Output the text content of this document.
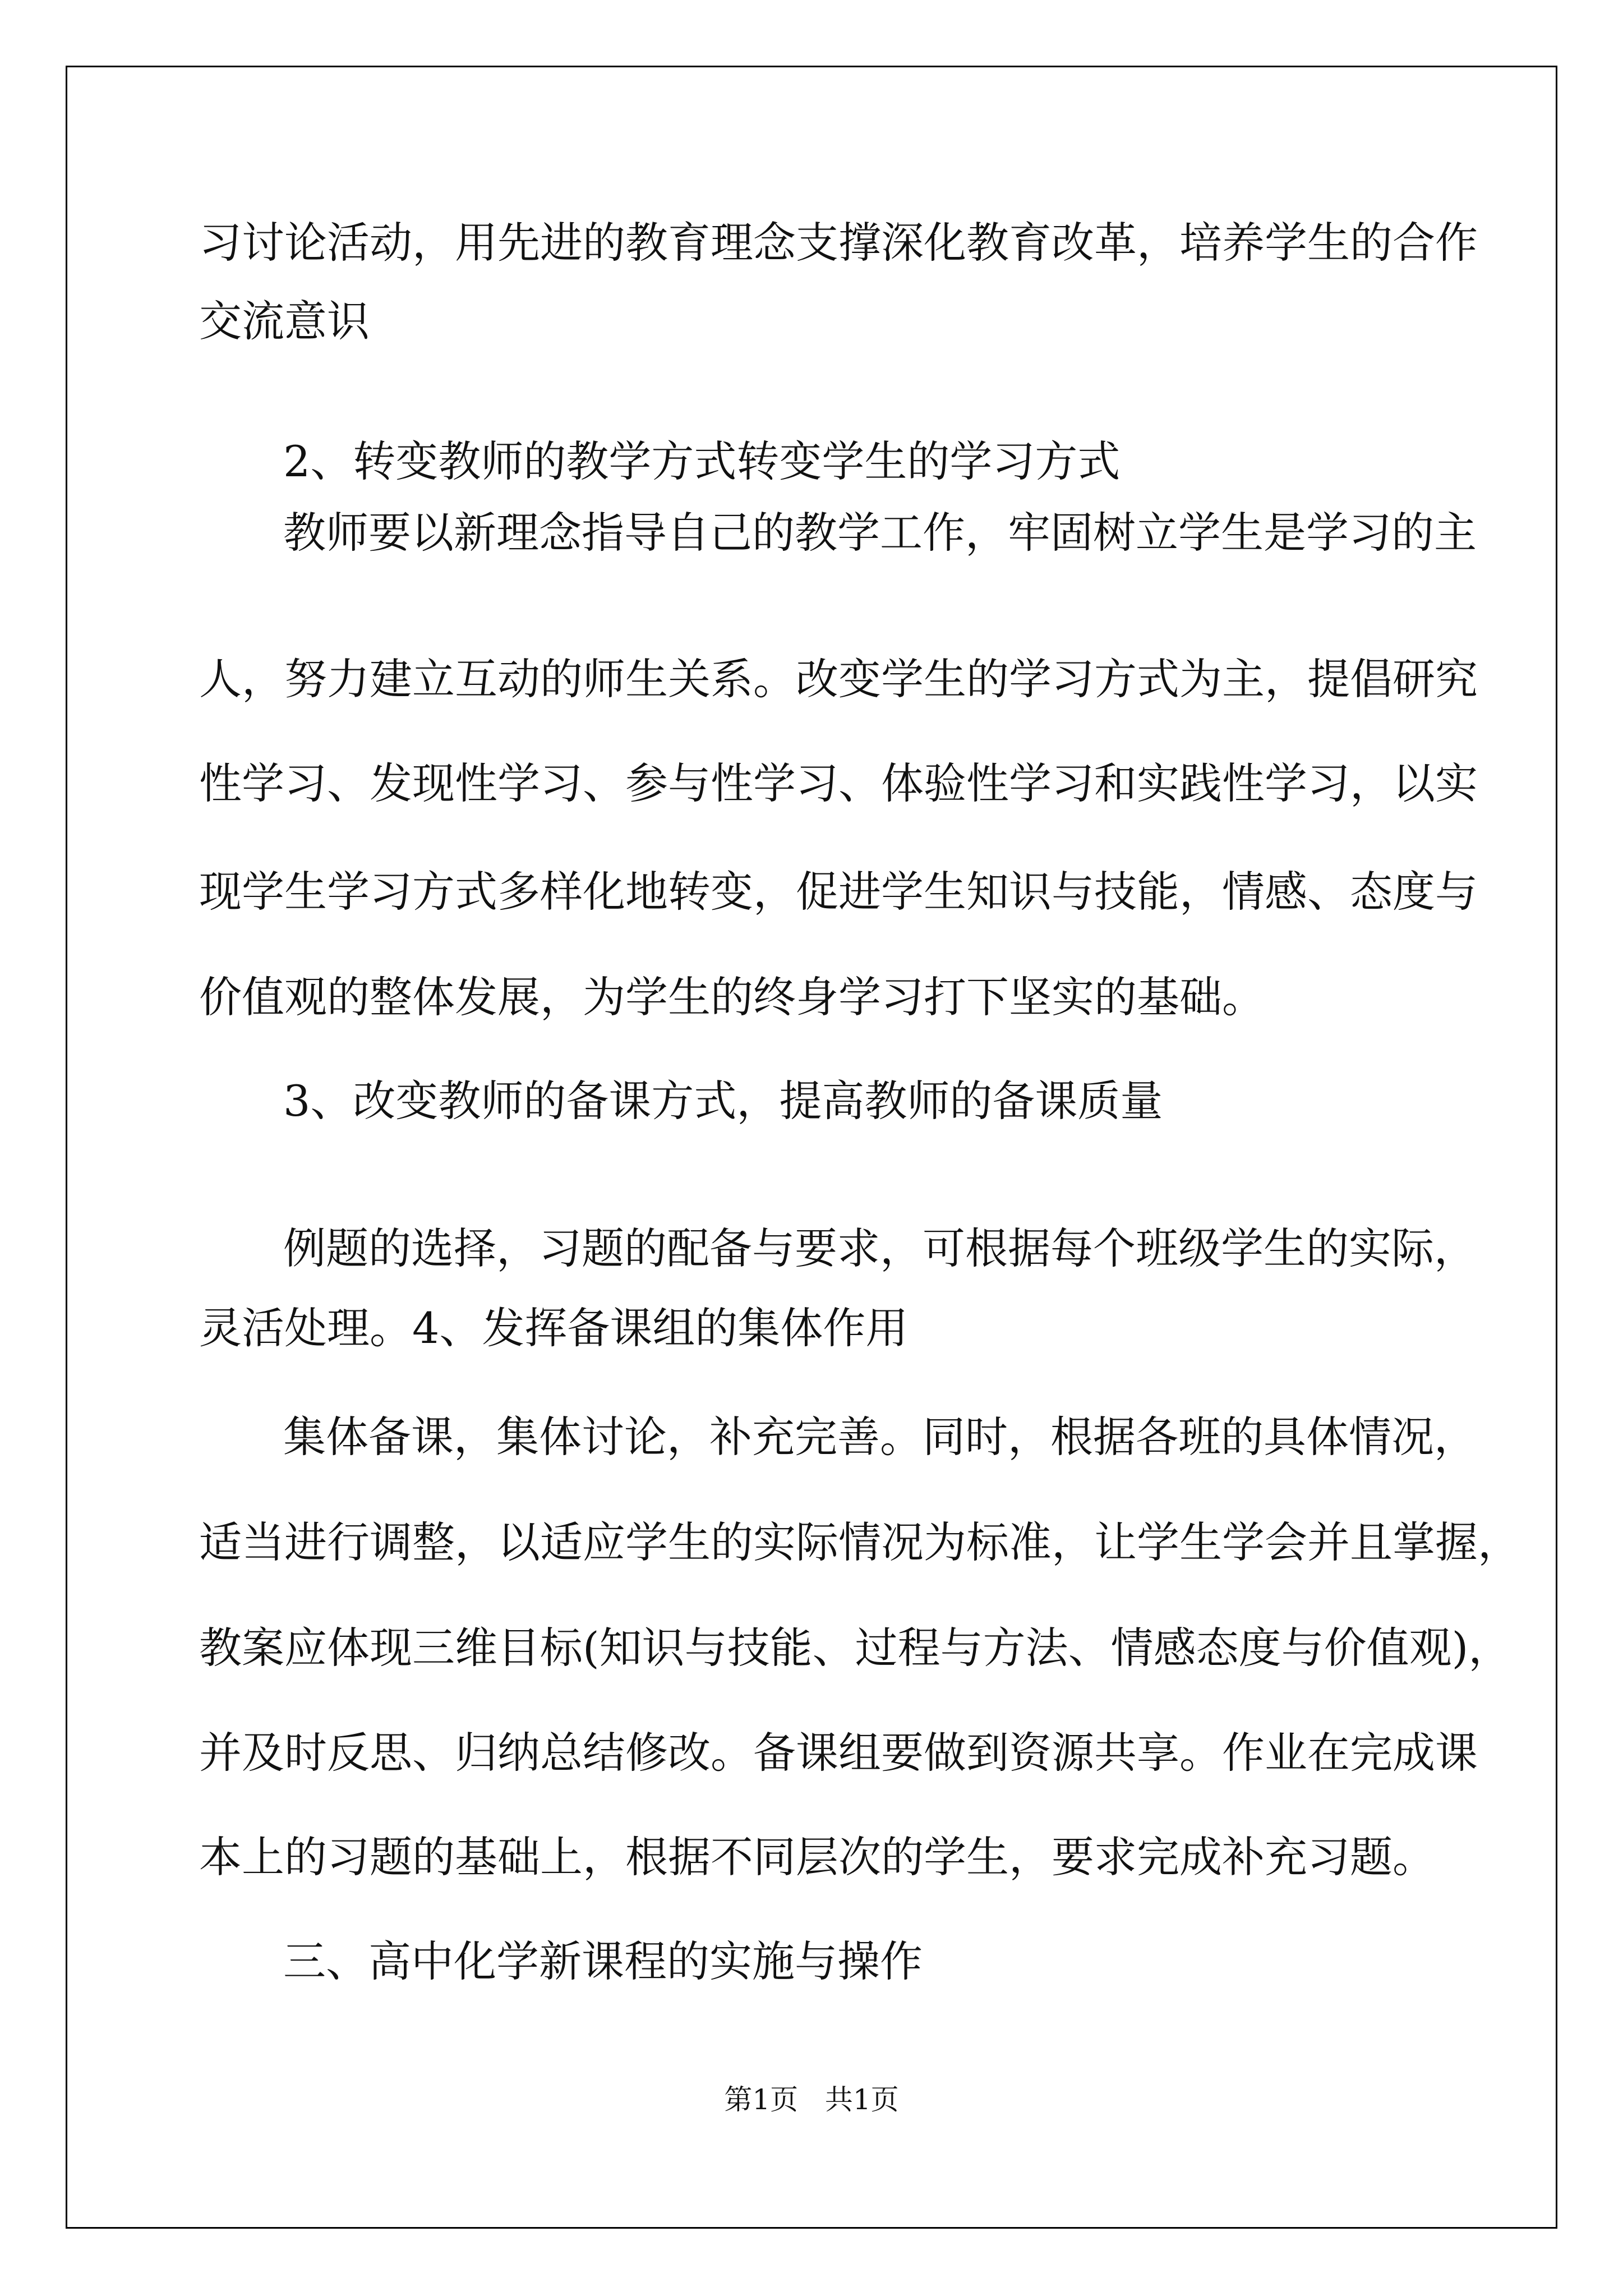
习讨论活动，用先进的教育理念支撑深化教育改革，培养学生的合作

交流意识

2、转变教师的教学方式转变学生的学习方式

教师要以新理念指导自己的教学工作，牢固树立学生是学习的主

人，努力建立互动的师生关系。改变学生的学习方式为主，提倡研究

性学习、发现性学习、参与性学习、体验性学习和实践性学习，以实

现学生学习方式多样化地转变，促进学生知识与技能，情感、态度与

价值观的整体发展，为学生的终身学习打下坚实的基础。

3、改变教师的备课方式，提高教师的备课质量

例题的选择，习题的配备与要求，可根据每个班级学生的实际，

灵活处理。4、发挥备课组的集体作用

集体备课，集体讨论，补充完善。同时，根据各班的具体情况，

适当进行调整，以适应学生的实际情况为标准，让学生学会并且掌握，

教案应体现三维目标(知识与技能、过程与方法、情感态度与价值观)，

并及时反思、归纳总结修改。备课组要做到资源共享。作业在完成课

本上的习题的基础上，根据不同层次的学生，要求完成补充习题。

三、高中化学新课程的实施与操作

第1页   共1页
